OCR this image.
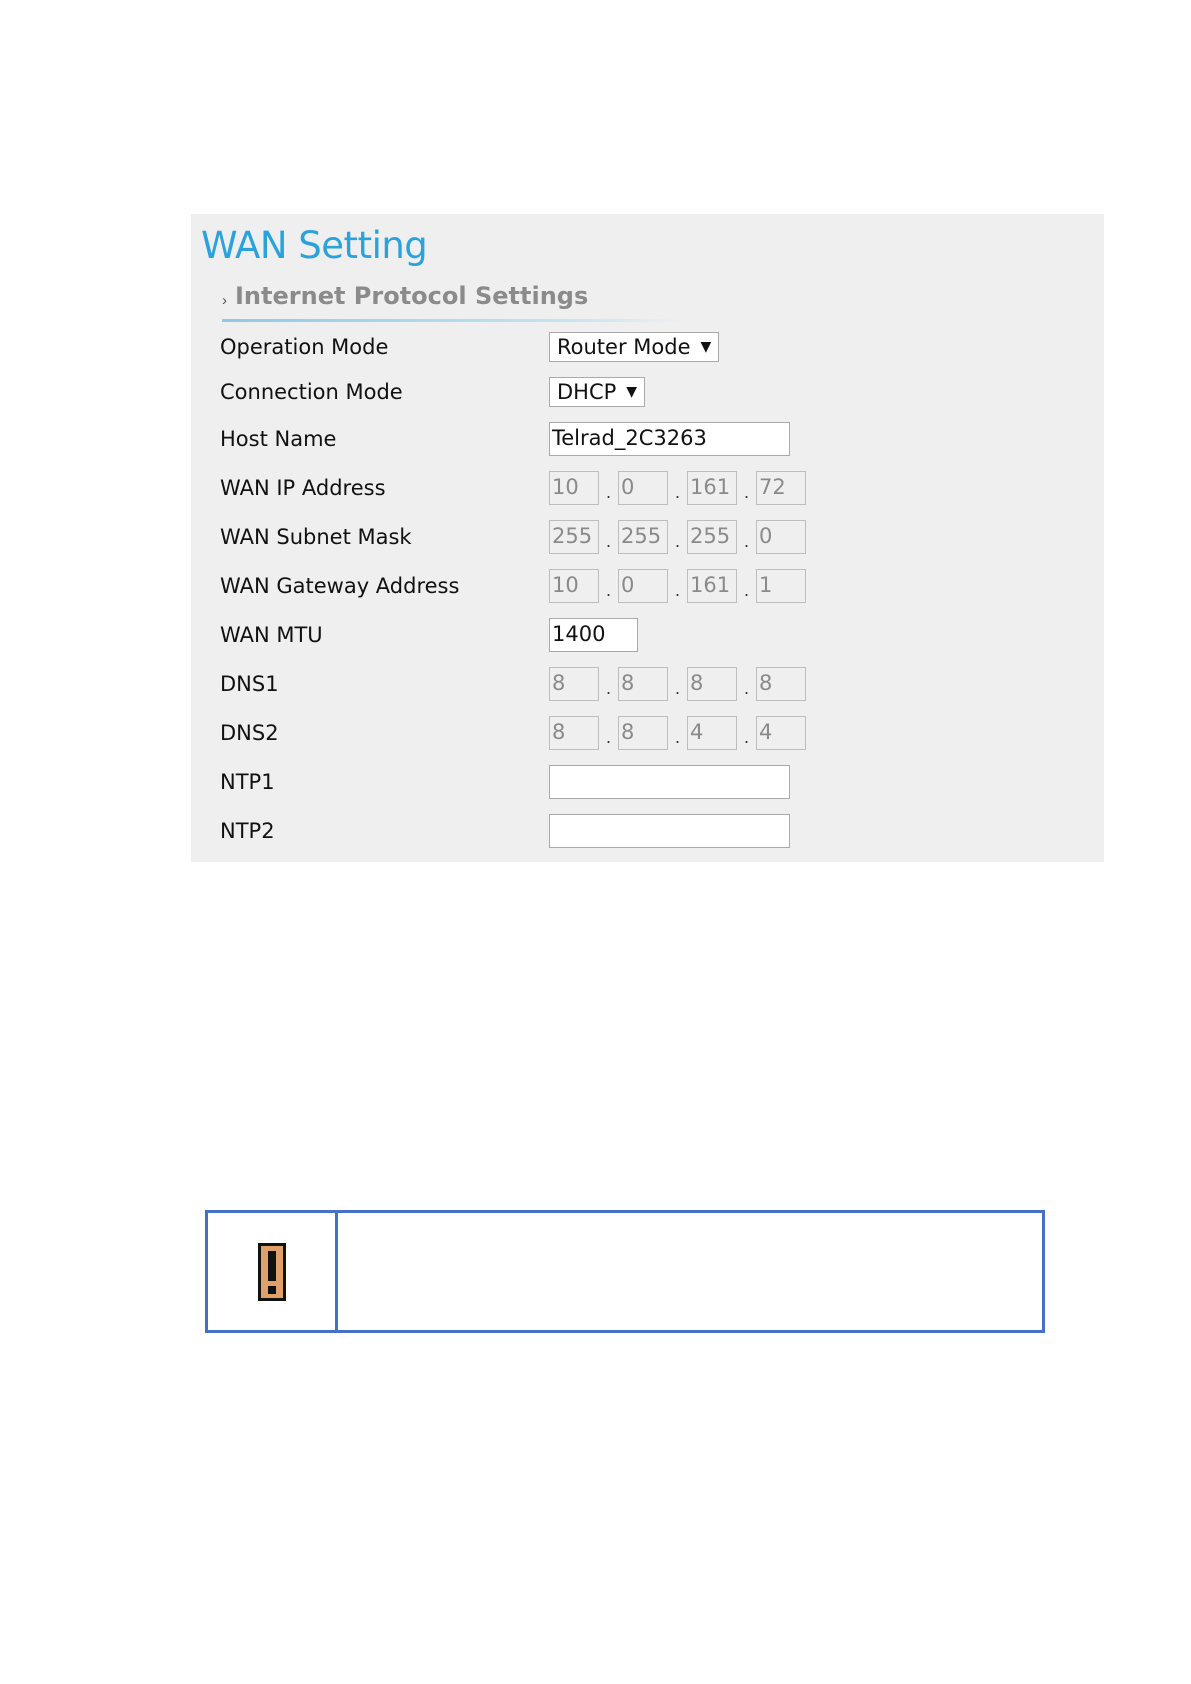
WAN Setting
› Internet Protocol Settings
Operation Mode	Router Mode ▼
Connection Mode	DHCP ▼
Host Name	Telrad_2C3263
WAN IP Address	10	. 0	. 161 . 72
WAN Subnet Mask	255 . 255 . 255 . 0
WAN Gateway Address	10	. 0	. 161 . 1
WAN MTU	1400
DNS1	8	. 8	. 8	. 8
DNS2	8	. 8	. 4	. 4
NTP1
NTP2
